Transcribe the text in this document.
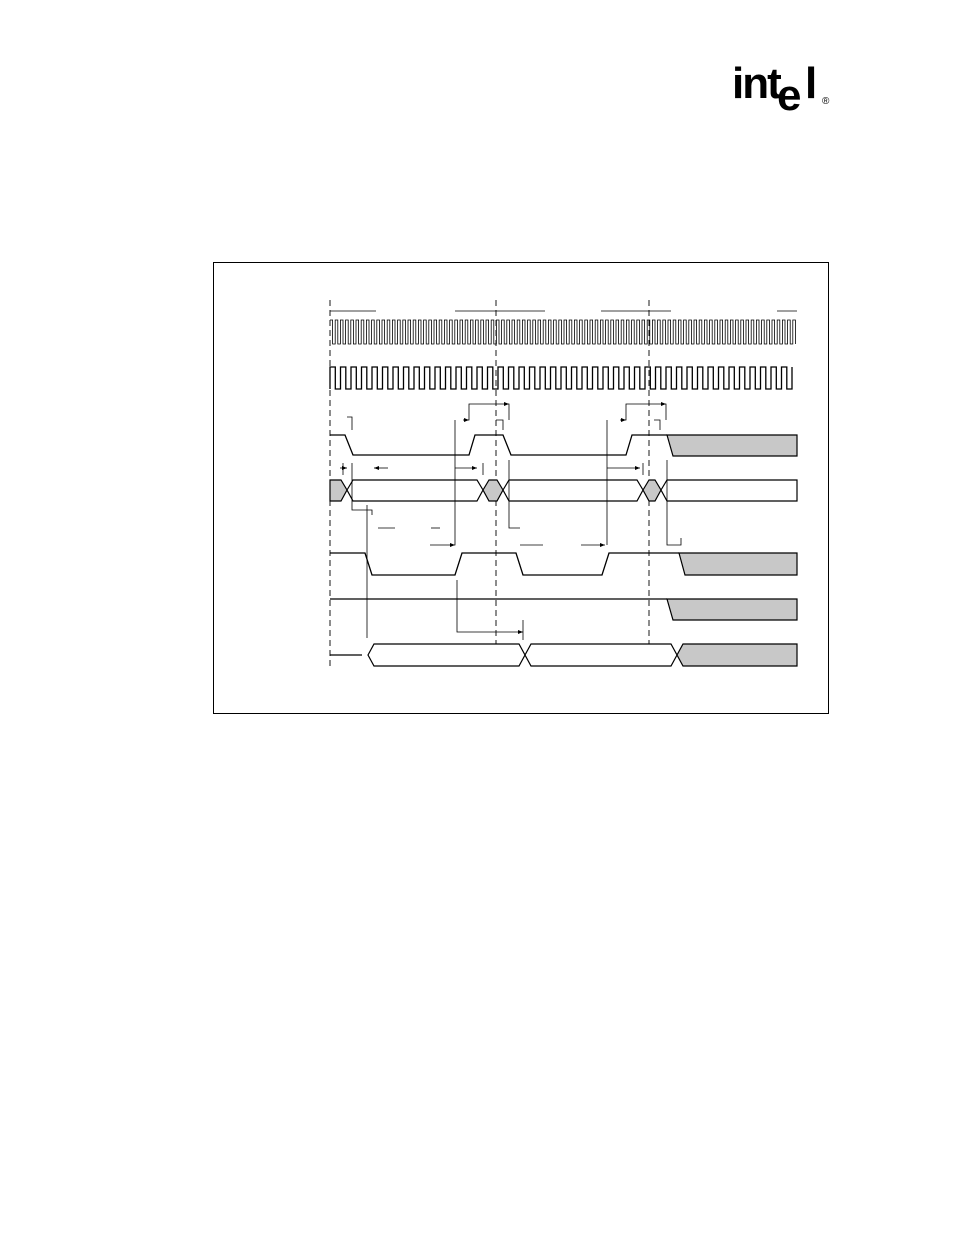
int
e l ®
